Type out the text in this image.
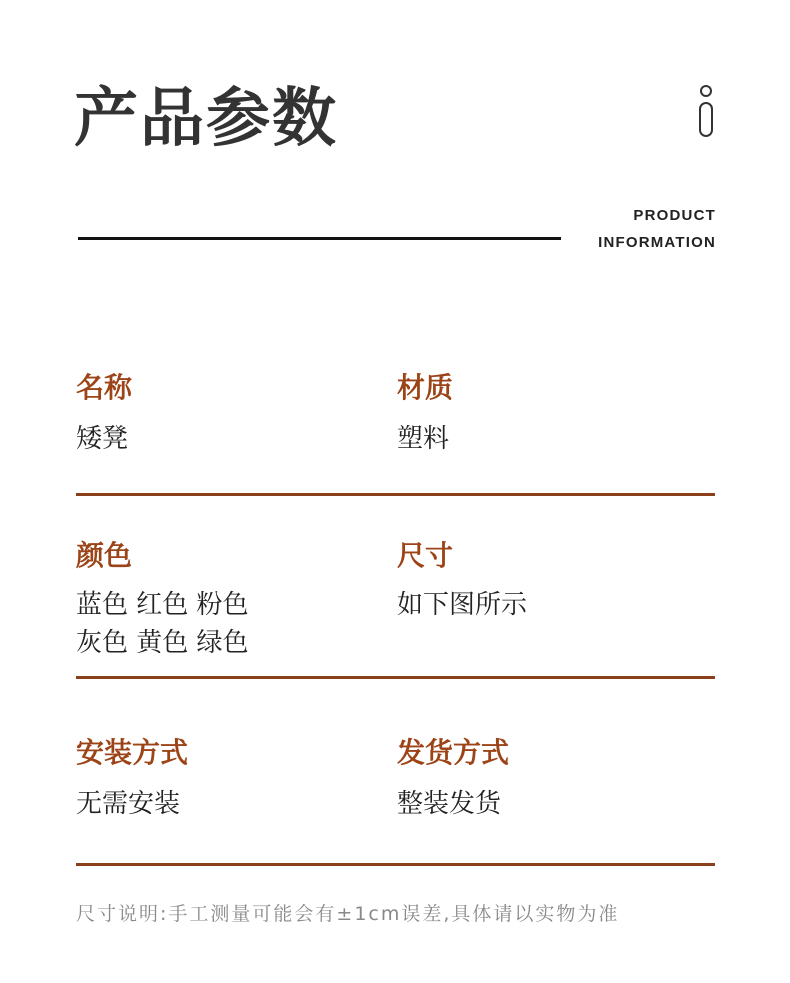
产品参数
PRODUCT
INFORMATION
名称
矮凳
材质
塑料
颜色
蓝色 红色 粉色
灰色 黄色 绿色
尺寸
如下图所示
安装方式
无需安装
发货方式
整装发货
尺寸说明:手工测量可能会有±1cm误差,具体请以实物为准
